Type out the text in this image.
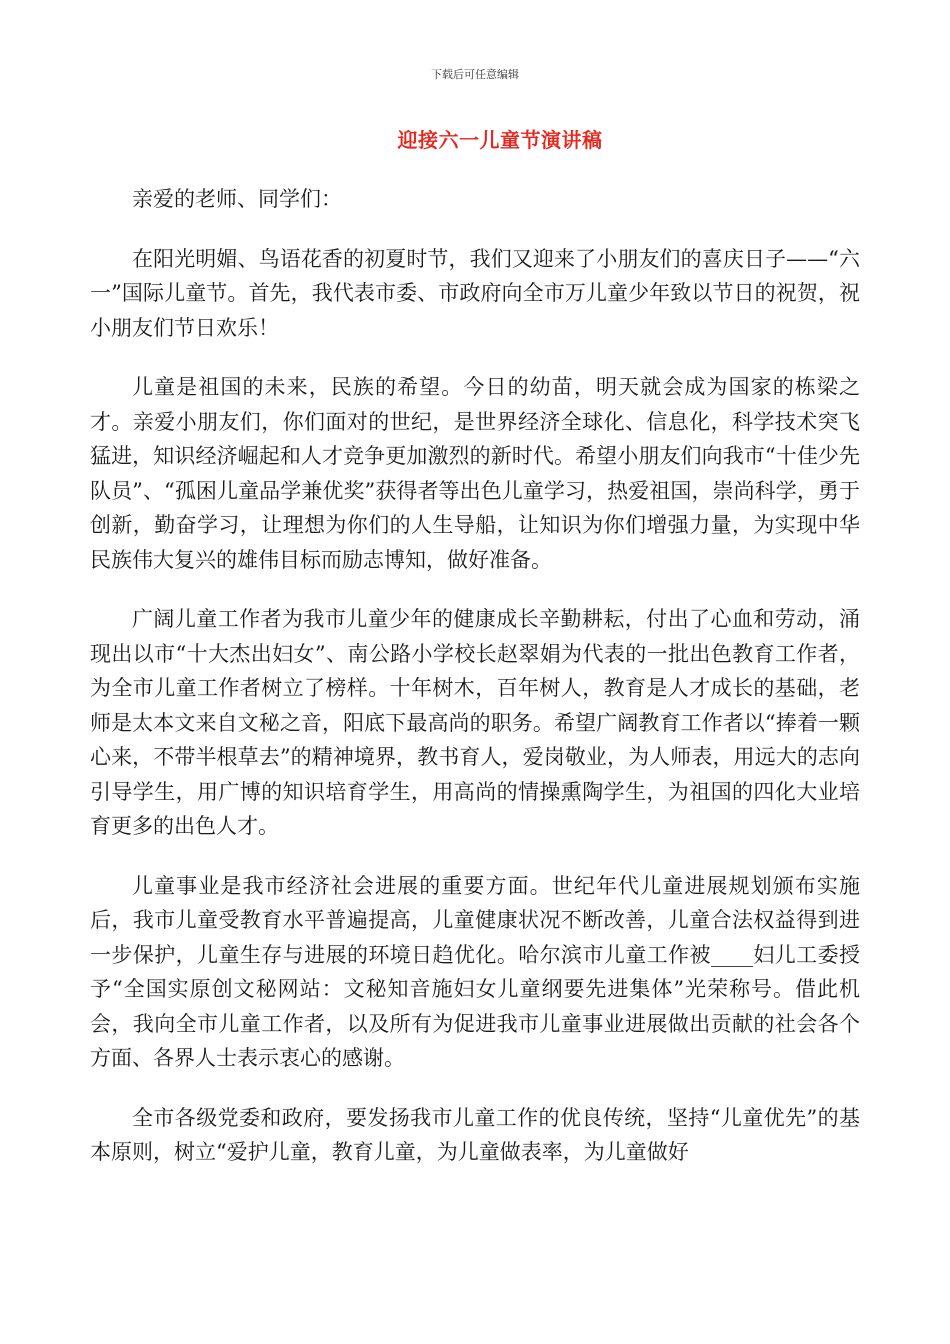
下载后可任意编辑
迎接六一儿童节演讲稿

亲爱的老师、同学们：

在阳光明媚、鸟语花香的初夏时节，我们又迎来了小朋友们的喜庆日子——“六一”国际儿童节。首先，我代表市委、市政府向全市万儿童少年致以节日的祝贺，祝小朋友们节日欢乐！

儿童是祖国的未来，民族的希望。今日的幼苗，明天就会成为国家的栋梁之才。亲爱小朋友们，你们面对的世纪，是世界经济全球化、信息化，科学技术突飞猛进，知识经济崛起和人才竞争更加激烈的新时代。希望小朋友们向我市“十佳少先队员”、“孤困儿童品学兼优奖”获得者等出色儿童学习，热爱祖国，崇尚科学，勇于创新，勤奋学习，让理想为你们的人生导船，让知识为你们增强力量，为实现中华民族伟大复兴的雄伟目标而励志博知，做好准备。

广阔儿童工作者为我市儿童少年的健康成长辛勤耕耘，付出了心血和劳动，涌现出以市“十大杰出妇女”、南公路小学校长赵翠娟为代表的一批出色教育工作者，为全市儿童工作者树立了榜样。十年树木，百年树人，教育是人才成长的基础，老师是太本文来自文秘之音，阳底下最高尚的职务。希望广阔教育工作者以“捧着一颗心来，不带半根草去”的精神境界，教书育人，爱岗敬业，为人师表，用远大的志向引导学生，用广博的知识培育学生，用高尚的情操熏陶学生，为祖国的四化大业培育更多的出色人才。

儿童事业是我市经济社会进展的重要方面。世纪年代儿童进展规划颁布实施后，我市儿童受教育水平普遍提高，儿童健康状况不断改善，儿童合法权益得到进一步保护，儿童生存与进展的环境日趋优化。哈尔滨市儿童工作被____妇儿工委授予“全国实原创文秘网站：文秘知音施妇女儿童纲要先进集体”光荣称号。借此机会，我向全市儿童工作者，以及所有为促进我市儿童事业进展做出贡献的社会各个方面、各界人士表示衷心的感谢。

全市各级党委和政府，要发扬我市儿童工作的优良传统，坚持“儿童优先”的基本原则，树立“爱护儿童，教育儿童，为儿童做表率，为儿童做好
